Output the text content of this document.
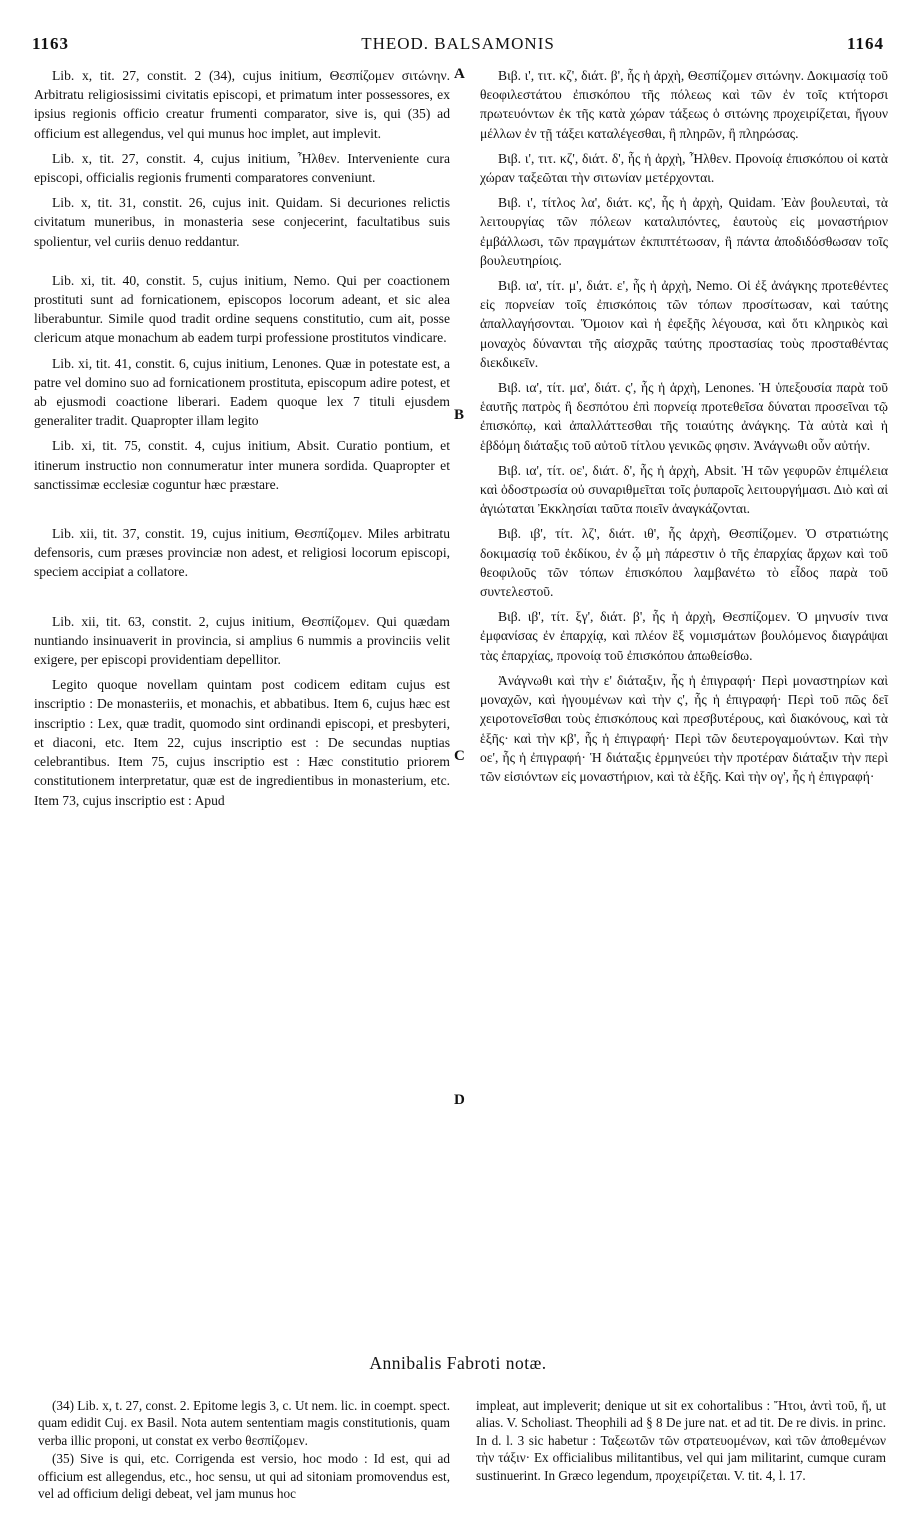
1163	THEOD. BALSAMONIS	1164
A
B
C
D

Lib. x, tit. 27, constit. 2 (34), cujus initium, Θεσπίζομεν σιτώνην. Arbitratu religiosissimi civitatis episcopi, et primatum inter possessores, ex ipsius regionis officio creatur frumenti comparator, sive is, qui (35) ad officium est allegendus, vel qui munus hoc implet, aut implevit.

Lib. x, tit. 27, constit. 4, cujus initium, Ἦλθεν. Interveniente cura episcopi, officialis regionis frumenti comparatores conveniunt.

Lib. x, tit. 31, constit. 26, cujus init. Quidam. Si decuriones relictis civitatum muneribus, in monasteria sese conjecerint, facultatibus suis spolientur, vel curiis denuo reddantur.

Lib. xi, tit. 40, constit. 5, cujus initium, Nemo. Qui per coactionem prostituti sunt ad fornicationem, episcopos locorum adeant, et sic alea liberabuntur. Simile quod tradit ordine sequens constitutio, cum ait, posse clericum atque monachum ab eadem turpi professione prostitutos vindicare.

Lib. xi, tit. 41, constit. 6, cujus initium, Lenones. Quæ in potestate est, a patre vel domino suo ad fornicationem prostituta, episcopum adire potest, et ab ejusmodi coactione liberari. Eadem quoque lex 7 tituli ejusdem generaliter tradit. Quapropter illam legito

Lib. xi, tit. 75, constit. 4, cujus initium, Absit. Curatio pontium, et itinerum instructio non connumeratur inter munera sordida. Quapropter et sanctissimæ ecclesiæ coguntur hæc præstare.

Lib. xii, tit. 37, constit. 19, cujus initium, Θεσπίζομεν. Miles arbitratu defensoris, cum præses provinciæ non adest, et religiosi locorum episcopi, speciem accipiat a collatore.

Lib. xii, tit. 63, constit. 2, cujus initium, Θεσπίζομεν. Qui quædam nuntiando insinuaverit in provincia, si amplius 6 nummis a provinciis velit exigere, per episcopi providentiam depellitor.

Legito quoque novellam quintam post codicem editam cujus est inscriptio : De monasteriis, et monachis, et abbatibus. Item 6, cujus hæc est inscriptio : Lex, quæ tradit, quomodo sint ordinandi episcopi, et presbyteri, et diaconi, etc. Item 22, cujus inscriptio est : De secundas nuptias celebrantibus. Item 75, cujus inscriptio est : Hæc constitutio priorem constitutionem interpretatur, quæ est de ingredientibus in monasterium, etc. Item 73, cujus inscriptio est : Apud

Βιβ. ι', τιτ. κζ', διάτ. β', ἧς ἡ ἀρχὴ, Θεσπίζομεν σιτώνην. Δοκιμασίᾳ τοῦ θεοφιλεστάτου ἐπισκόπου τῆς πόλεως καὶ τῶν ἐν τοῖς κτήτορσι πρωτευόντων ἐκ τῆς κατὰ χώραν τάξεως ὁ σιτώνης προχειρίζεται, ἤγουν μέλλων ἐν τῇ τάξει καταλέγεσθαι, ἢ πληρῶν, ἢ πληρώσας.

Βιβ. ι', τιτ. κζ', διάτ. δ', ἧς ἡ ἀρχὴ, Ἦλθεν. Προνοίᾳ ἐπισκόπου οἱ κατὰ χώραν ταξεῶται τὴν σιτωνίαν μετέρχονται.

Βιβ. ι', τίτλος λα', διάτ. κς', ἧς ἡ ἀρχὴ, Quidam. Ἐὰν βουλευταὶ, τὰ λειτουργίας τῶν πόλεων καταλιπόντες, ἑαυτοὺς εἰς μοναστήριον ἐμβάλλωσι, τῶν πραγμάτων ἐκπιπτέτωσαν, ἢ πάντα ἀποδιδόσθωσαν τοῖς βουλευτηρίοις.

Βιβ. ια', τίτ. μ', διάτ. ε', ἧς ἡ ἀρχὴ, Nemo. Οἱ ἐξ ἀνάγκης προτεθέντες εἰς πορνείαν τοῖς ἐπισκόποις τῶν τόπων προσίτωσαν, καὶ ταύτης ἀπαλλαγήσονται. Ὅμοιον καὶ ἡ ἐφεξῆς λέγουσα, καὶ ὅτι κληρικὸς καὶ μοναχὸς δύνανται τῆς αἰσχρᾶς ταύτης προστασίας τοὺς προσταθέντας διεκδικεῖν.

Βιβ. ια', τίτ. μα', διάτ. ς', ἧς ἡ ἀρχὴ, Lenones. Ἡ ὑπεξουσία παρὰ τοῦ ἑαυτῆς πατρὸς ἢ δεσπότου ἐπὶ πορνείᾳ προτεθεῖσα δύναται προσεῖναι τῷ ἐπισκόπῳ, καὶ ἀπαλλάττεσθαι τῆς τοιαύτης ἀνάγκης. Τὰ αὐτὰ καὶ ἡ ἑβδόμη διάταξις τοῦ αὐτοῦ τίτλου γενικῶς φησιν. Ἀνάγνωθι οὖν αὐτήν.

Βιβ. ια', τίτ. οε', διάτ. δ', ἧς ἡ ἀρχὴ, Absit. Ἡ τῶν γεφυρῶν ἐπιμέλεια καὶ ὁδοστρωσία οὐ συναριθμεῖται τοῖς ῥυπαροῖς λειτουργήμασι. Διὸ καὶ αἱ ἁγιώταται Ἐκκλησίαι ταῦτα ποιεῖν ἀναγκάζονται.

Βιβ. ιβ', τίτ. λζ', διάτ. ιθ', ἧς ἀρχὴ, Θεσπίζομεν. Ὁ στρατιώτης δοκιμασίᾳ τοῦ ἐκδίκου, ἐν ᾧ μὴ πάρεστιν ὁ τῆς ἐπαρχίας ἄρχων καὶ τοῦ θεοφιλοῦς τῶν τόπων ἐπισκόπου λαμβανέτω τὸ εἶδος παρὰ τοῦ συντελεστοῦ.

Βιβ. ιβ', τίτ. ξγ', διάτ. β', ἧς ἡ ἀρχὴ, Θεσπίζομεν. Ὁ μηνυσίν τινα ἐμφανίσας ἐν ἐπαρχίᾳ, καὶ πλέον ἓξ νομισμάτων βουλόμενος διαγράψαι τὰς ἐπαρχίας, προνοίᾳ τοῦ ἐπισκόπου ἀπωθείσθω.

Ἀνάγνωθι καὶ τὴν ε' διάταξιν, ἧς ἡ ἐπιγραφή· Περὶ μοναστηρίων καὶ μοναχῶν, καὶ ἡγουμένων καὶ τὴν ς', ἧς ἡ ἐπιγραφή· Περὶ τοῦ πῶς δεῖ χειροτονεῖσθαι τοὺς ἐπισκόπους καὶ πρεσβυτέρους, καὶ διακόνους, καὶ τὰ ἑξῆς· καὶ τὴν κβ', ἧς ἡ ἐπιγραφή· Περὶ τῶν δευτερογαμούντων. Καὶ τὴν οε', ἧς ἡ ἐπιγραφή· Ἡ διάταξις ἑρμηνεύει τὴν προτέραν διάταξιν τὴν περὶ τῶν εἰσιόντων εἰς μοναστήριον, καὶ τὰ ἑξῆς. Καὶ τὴν ογ', ἧς ἡ ἐπιγραφή·

Annibalis Fabroti notæ.

(34) Lib. x, t. 27, const. 2. Epitome legis 3, c. Ut nem. lic. in coempt. spect. quam edidit Cuj. ex Basil. Nota autem sententiam magis constitutionis, quam verba illic proponi, ut constat ex verbo θεσπίζομεν.

(35) Sive is qui, etc. Corrigenda est versio, hoc modo : Id est, qui ad officium est allegendus, etc., hoc sensu, ut qui ad sitoniam promovendus est, vel ad officium deligi debeat, vel jam munus hoc

impleat, aut impleverit; denique ut sit ex cohortalibus : Ἤτοι, ἀντὶ τοῦ, ἤ, ut alias. V. Scholiast. Theophili ad § 8 De jure nat. et ad tit. De re divis. in princ. In d. l. 3 sic habetur : Ταξεωτῶν τῶν στρατευομένων, καὶ τῶν ἀποθεμένων τὴν τάξιν· Ex officialibus militantibus, vel qui jam militarint, cumque curam sustinuerint. In Græco legendum, προχειρίζεται. V. tit. 4, l. 17.
